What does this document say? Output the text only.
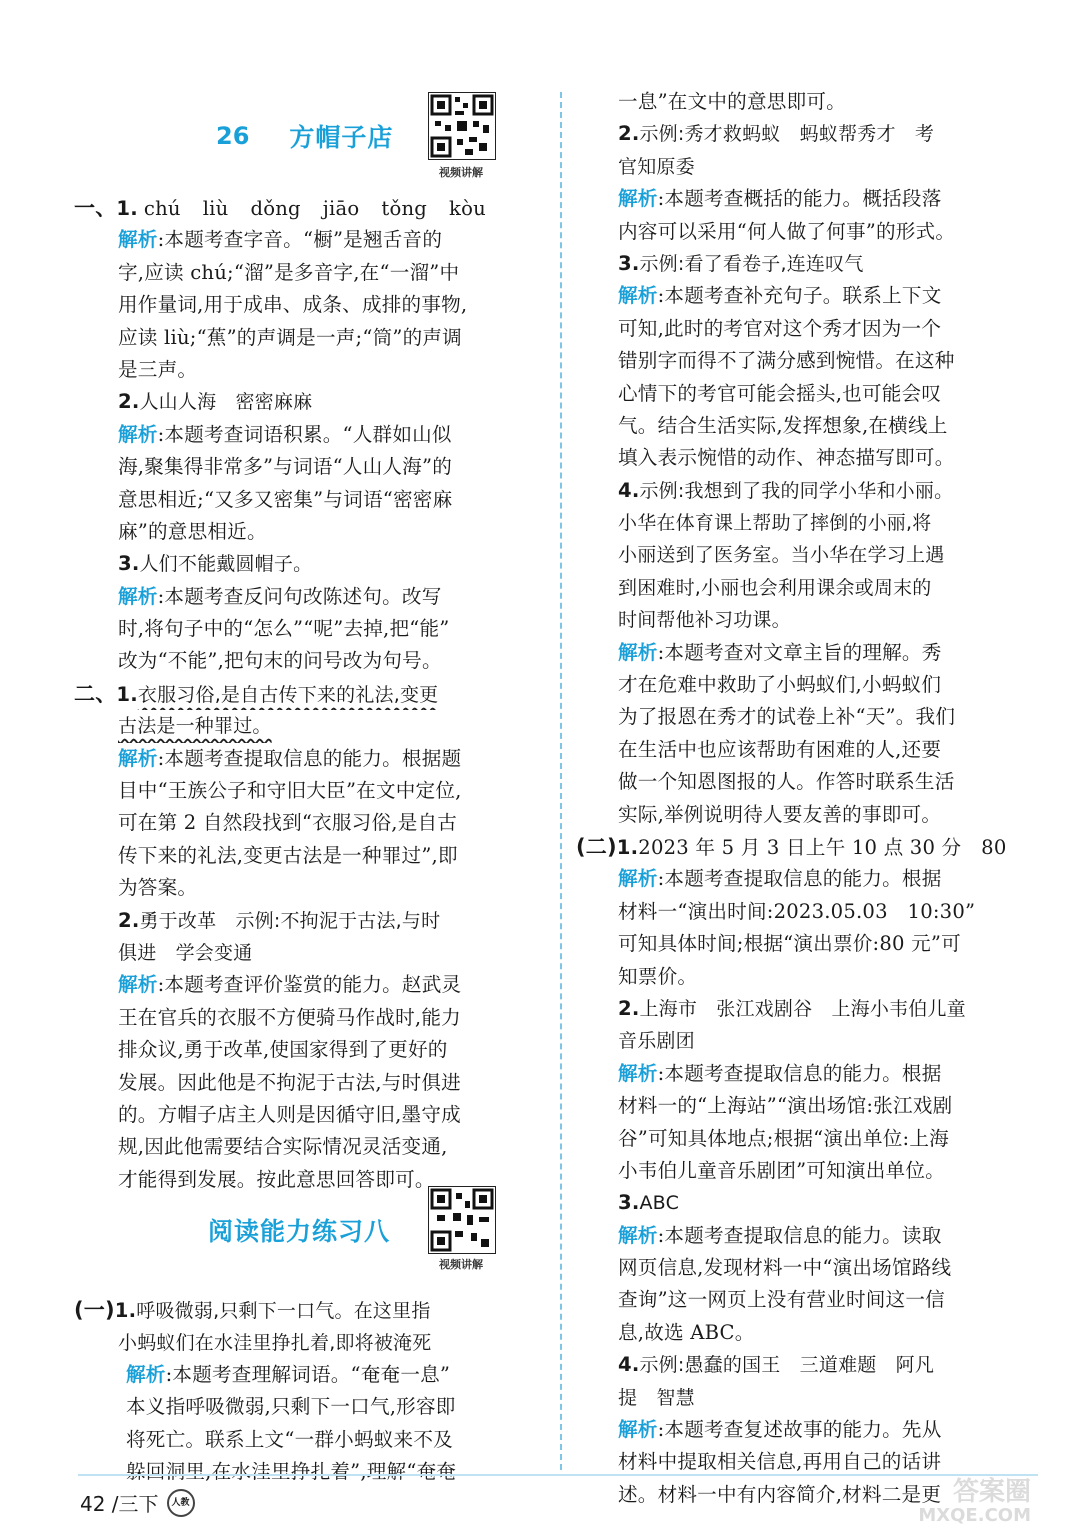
26 方帽子店
视频讲解
阅读能力练习八
视频讲解
一、1. chú liù dǒng jiāo tǒng kòu
解析:本题考查字音。“橱”是翘舌音的
字,应读 chú;“溜”是多音字,在“一溜”中
用作量词,用于成串、成条、成排的事物,
应读 liù;“蕉”的声调是一声;“筒”的声调
是三声。
2.人山人海　密密麻麻
解析:本题考查词语积累。“人群如山似
海,聚集得非常多”与词语“人山人海”的
意思相近;“又多又密集”与词语“密密麻
麻”的意思相近。
3.人们不能戴圆帽子。
解析:本题考查反问句改陈述句。改写
时,将句子中的“怎么”“呢”去掉,把“能”
改为“不能”,把句末的问号改为句号。
二、1.衣服习俗,是自古传下来的礼法,变更
古法是一种罪过。
解析:本题考查提取信息的能力。根据题
目中“王族公子和守旧大臣”在文中定位,
可在第 2 自然段找到“衣服习俗,是自古
传下来的礼法,变更古法是一种罪过”,即
为答案。
2.勇于改革　示例:不拘泥于古法,与时
俱进　学会变通
解析:本题考查评价鉴赏的能力。赵武灵
王在官兵的衣服不方便骑马作战时,能力
排众议,勇于改革,使国家得到了更好的
发展。因此他是不拘泥于古法,与时俱进
的。方帽子店主人则是因循守旧,墨守成
规,因此他需要结合实际情况灵活变通,
才能得到发展。按此意思回答即可。
(一)1.呼吸微弱,只剩下一口气。在这里指
小蚂蚁们在水洼里挣扎着,即将被淹死
解析:本题考查理解词语。“奄奄一息”
本义指呼吸微弱,只剩下一口气,形容即
将死亡。联系上文“一群小蚂蚁来不及
躲回洞里,在水洼里挣扎着”,理解“奄奄
一息”在文中的意思即可。
2.示例:秀才救蚂蚁　蚂蚁帮秀才　考
官知原委
解析:本题考查概括的能力。概括段落
内容可以采用“何人做了何事”的形式。
3.示例:看了看卷子,连连叹气
解析:本题考查补充句子。联系上下文
可知,此时的考官对这个秀才因为一个
错别字而得不了满分感到惋惜。在这种
心情下的考官可能会摇头,也可能会叹
气。结合生活实际,发挥想象,在横线上
填入表示惋惜的动作、神态描写即可。
4.示例:我想到了我的同学小华和小丽。
小华在体育课上帮助了摔倒的小丽,将
小丽送到了医务室。当小华在学习上遇
到困难时,小丽也会利用课余或周末的
时间帮他补习功课。
解析:本题考查对文章主旨的理解。秀
才在危难中救助了小蚂蚁们,小蚂蚁们
为了报恩在秀才的试卷上补“天”。我们
在生活中也应该帮助有困难的人,还要
做一个知恩图报的人。作答时联系生活
实际,举例说明待人要友善的事即可。
(二)1.2023 年 5 月 3 日上午 10 点 30 分　80
解析:本题考查提取信息的能力。根据
材料一“演出时间:2023.05.03　10:30”
可知具体时间;根据“演出票价:80 元”可
知票价。
2.上海市　张江戏剧谷　上海小韦伯儿童
音乐剧团
解析:本题考查提取信息的能力。根据
材料一的“上海站”“演出场馆:张江戏剧
谷”可知具体地点;根据“演出单位:上海
小韦伯儿童音乐剧团”可知演出单位。
3.ABC
解析:本题考查提取信息的能力。读取
网页信息,发现材料一中“演出场馆路线
查询”这一网页上没有营业时间这一信
息,故选 ABC。
4.示例:愚蠢的国王　三道难题　阿凡
提　智慧
解析:本题考查复述故事的能力。先从
材料中提取相关信息,再用自己的话讲
述。材料一中有内容简介,材料二是更
42 /三下	人教	答案圈
MXQE.COM
